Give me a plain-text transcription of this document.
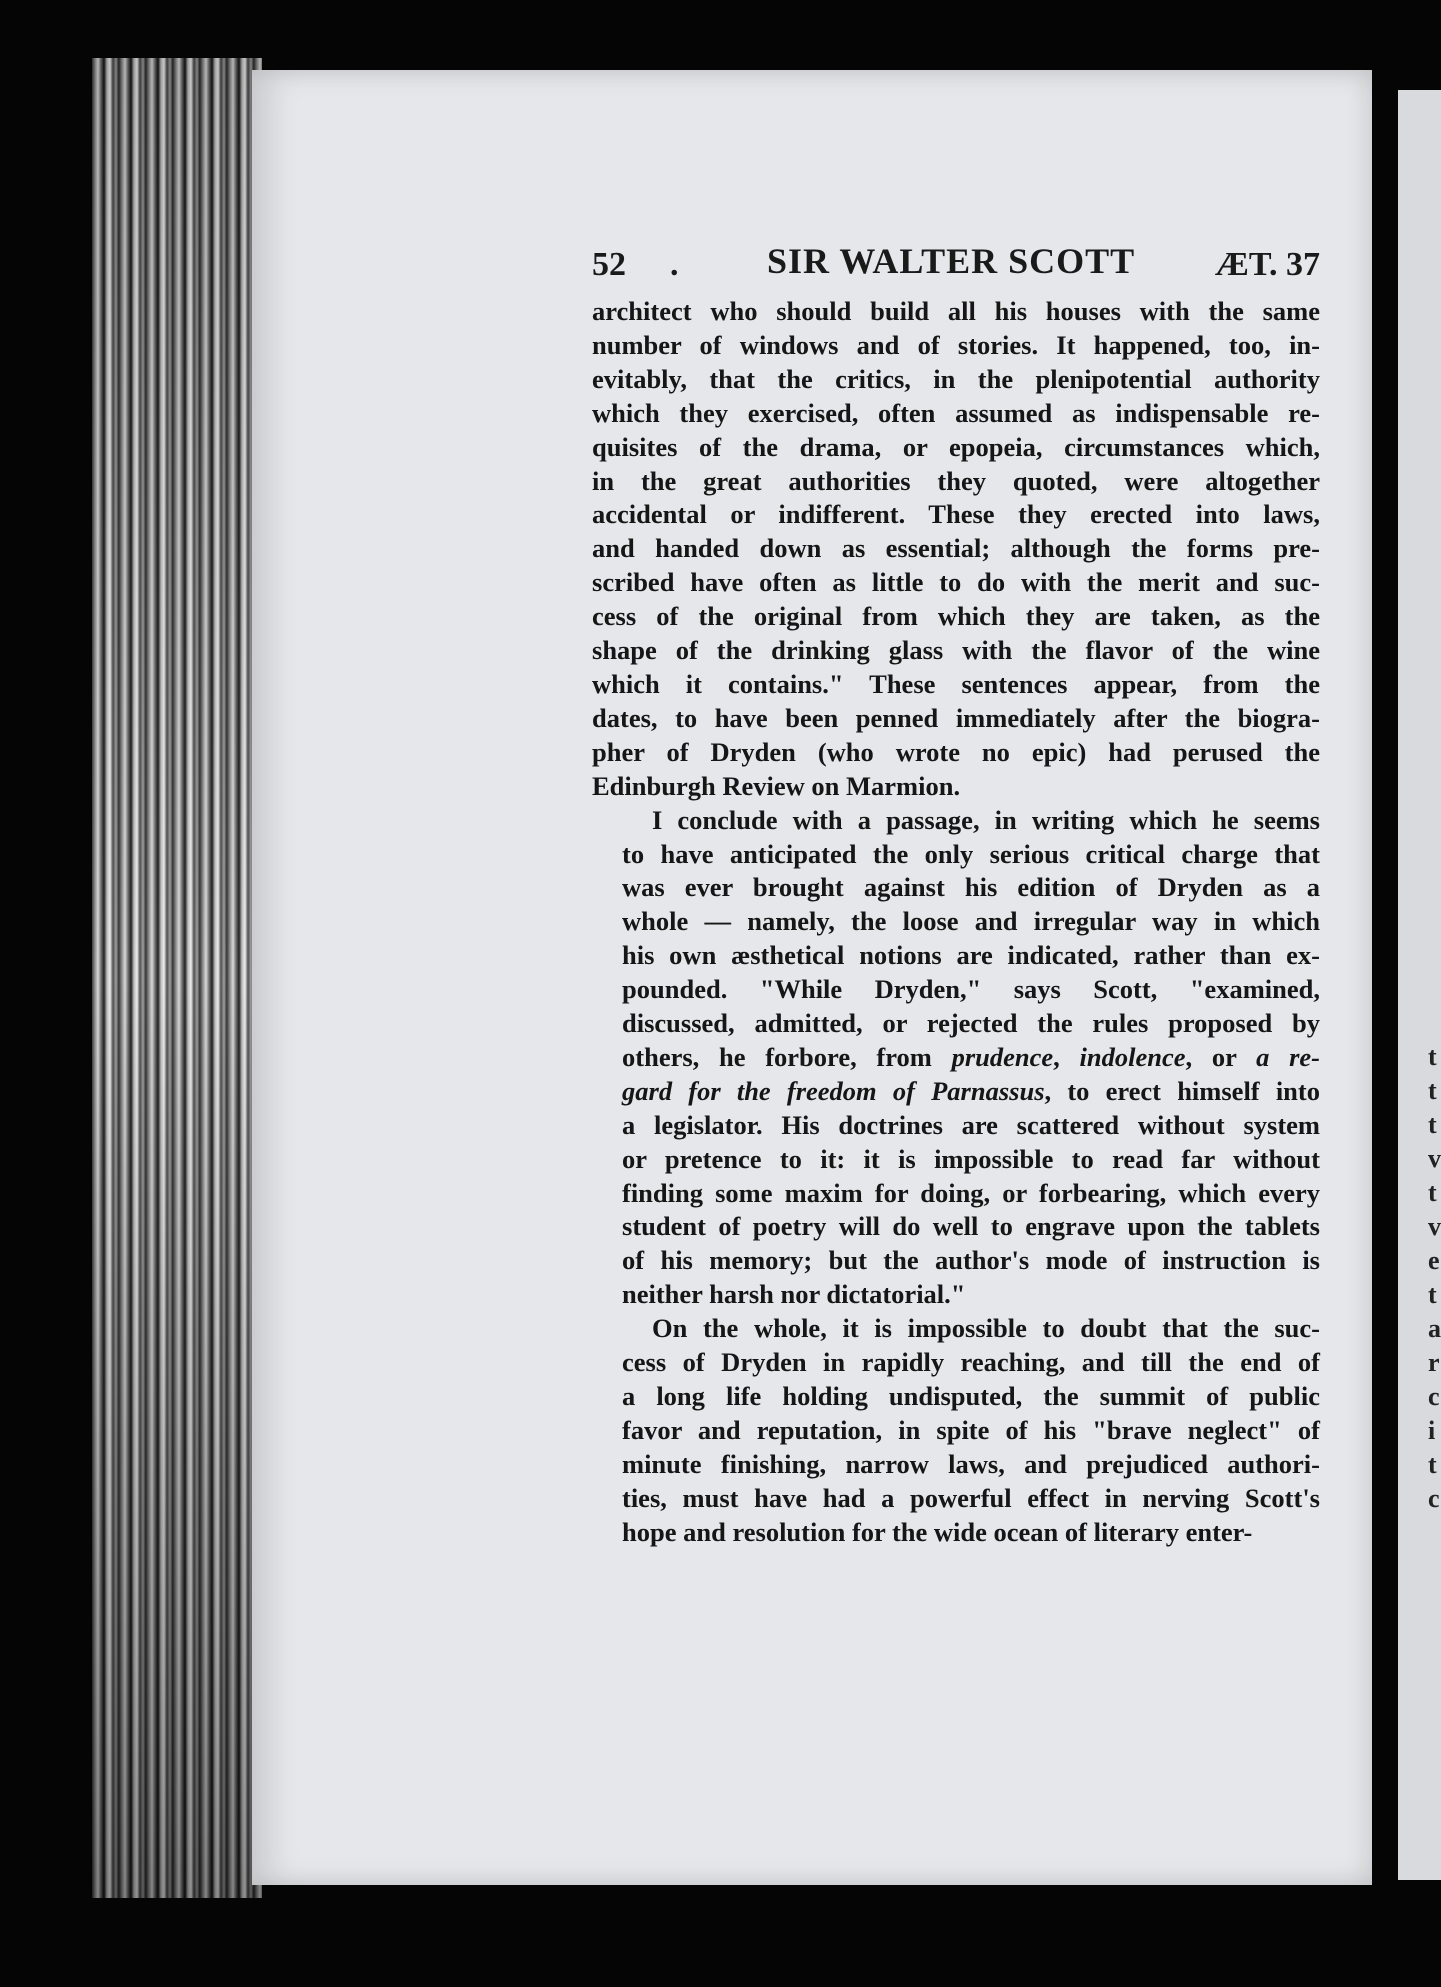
t
t
t
v
t
v
e
t
a
r
c
i
t
c
52 . SIR WALTER SCOTT ÆT. 37

architect who should build all his houses with the same
number of windows and of stories. It happened, too, in-
evitably, that the critics, in the plenipotential authority
which they exercised, often assumed as indispensable re-
quisites of the drama, or epopeia, circumstances which,
in the great authorities they quoted, were altogether
accidental or indifferent. These they erected into laws,
and handed down as essential; although the forms pre-
scribed have often as little to do with the merit and suc-
cess of the original from which they are taken, as the
shape of the drinking glass with the flavor of the wine
which it contains." These sentences appear, from the
dates, to have been penned immediately after the biogra-
pher of Dryden (who wrote no epic) had perused the
Edinburgh Review on Marmion.

I conclude with a passage, in writing which he seems
to have anticipated the only serious critical charge that
was ever brought against his edition of Dryden as a
whole — namely, the loose and irregular way in which
his own æsthetical notions are indicated, rather than ex-
pounded. "While Dryden," says Scott, "examined,
discussed, admitted, or rejected the rules proposed by
others, he forbore, from prudence, indolence, or a re-
gard for the freedom of Parnassus, to erect himself into
a legislator. His doctrines are scattered without system
or pretence to it: it is impossible to read far without
finding some maxim for doing, or forbearing, which every
student of poetry will do well to engrave upon the tablets
of his memory; but the author's mode of instruction is
neither harsh nor dictatorial."

On the whole, it is impossible to doubt that the suc-
cess of Dryden in rapidly reaching, and till the end of
a long life holding undisputed, the summit of public
favor and reputation, in spite of his "brave neglect" of
minute finishing, narrow laws, and prejudiced authori-
ties, must have had a powerful effect in nerving Scott's
hope and resolution for the wide ocean of literary enter-
